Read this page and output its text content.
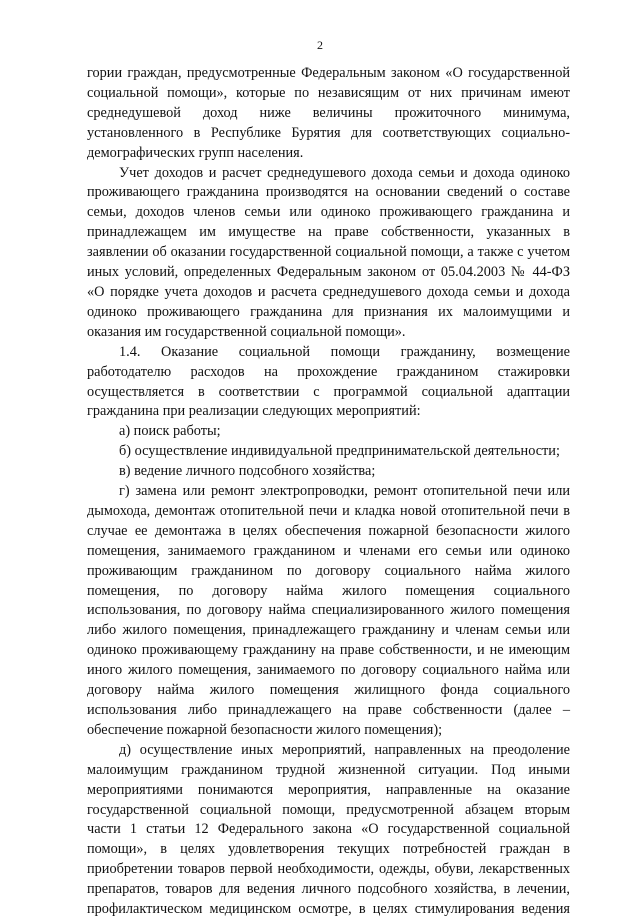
2

гории граждан, предусмотренные Федеральным законом «О государственной социальной помощи», которые по независящим от них причинам имеют среднедушевой доход ниже величины прожиточного минимума, установленного в Республике Бурятия для соответствующих социально-демографических групп населения.

Учет доходов и расчет среднедушевого дохода семьи и дохода одиноко проживающего гражданина производятся на основании сведений о составе семьи, доходов членов семьи или одиноко проживающего гражданина и принадлежащем им имуществе на праве собственности, указанных в заявлении об оказании государственной социальной помощи, а также с учетом иных условий, определенных Федеральным законом от 05.04.2003 № 44-ФЗ «О порядке учета доходов и расчета среднедушевого дохода семьи и дохода одиноко проживающего гражданина для признания их малоимущими и оказания им государственной социальной помощи».

1.4. Оказание социальной помощи гражданину, возмещение работодателю расходов на прохождение гражданином стажировки осуществляется в соответствии с программой социальной адаптации гражданина при реализации следующих мероприятий:

а) поиск работы;

б) осуществление индивидуальной предпринимательской деятельности;

в) ведение личного подсобного хозяйства;

г) замена или ремонт электропроводки, ремонт отопительной печи или дымохода, демонтаж отопительной печи и кладка новой отопительной печи в случае ее демонтажа в целях обеспечения пожарной безопасности жилого помещения, занимаемого гражданином и членами его семьи или одиноко проживающим гражданином по договору социального найма жилого помещения, по договору найма жилого помещения социального использования, по договору найма специализированного жилого помещения либо жилого помещения, принадлежащего гражданину и членам семьи или одиноко проживающему гражданину на праве собственности, и не имеющим иного жилого помещения, занимаемого по договору социального найма или договору найма жилого помещения жилищного фонда социального использования либо принадлежащего на праве собственности (далее – обеспечение пожарной безопасности жилого помещения);

д) осуществление иных мероприятий, направленных на преодоление малоимущим гражданином трудной жизненной ситуации. Под иными мероприятиями понимаются мероприятия, направленные на оказание государственной социальной помощи, предусмотренной абзацем вторым части 1 статьи 12 Федерального закона «О государственной социальной помощи», в целях удовлетворения текущих потребностей граждан в приобретении товаров первой необходимости, одежды, обуви, лекарственных препаратов, товаров для ведения личного подсобного хозяйства, в лечении, профилактическом медицинском осмотре, в целях стимулирования ведения
